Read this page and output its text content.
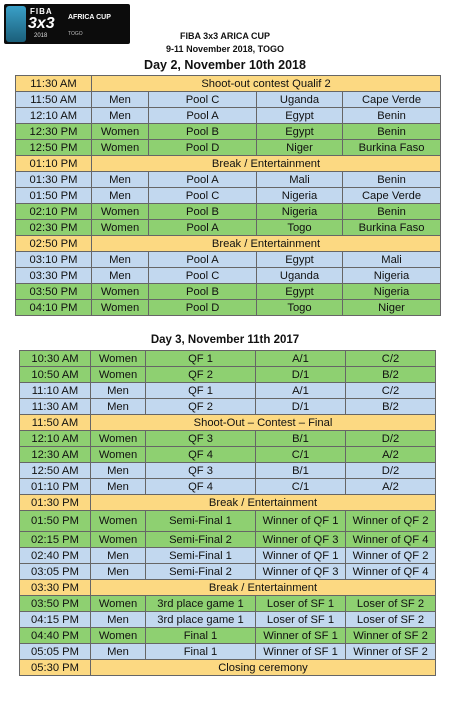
FIBA
3x3
2018
AFRICA CUP
TOGO	FIBA 3x3 ARICA CUP
9-11 November 2018, TOGO
Day 2, November 10th 2018
11:30 AM	Shoot-out contest Qualif 2			
11:50 AM	Men	Pool C	Uganda	Cape Verde
12:10 AM	Men	Pool A	Egypt	Benin
12:30 PM	Women	Pool B	Egypt	Benin
12:50 PM	Women	Pool D	Niger	Burkina Faso
01:10 PM	Break / Entertainment			
01:30 PM	Men	Pool A	Mali	Benin
01:50 PM	Men	Pool C	Nigeria	Cape Verde
02:10 PM	Women	Pool B	Nigeria	Benin
02:30 PM	Women	Pool A	Togo	Burkina Faso
02:50 PM	Break / Entertainment			
03:10 PM	Men	Pool A	Egypt	Mali
03:30 PM	Men	Pool C	Uganda	Nigeria
03:50 PM	Women	Pool B	Egypt	Nigeria
04:10 PM	Women	Pool D	Togo	Niger
Day 3, November 11th 2017
10:30 AM	Women	QF 1	A/1	C/2
10:50 AM	Women	QF 2	D/1	B/2
11:10 AM	Men	QF 1	A/1	C/2
11:30 AM	Men	QF 2	D/1	B/2
11:50 AM	Shoot-Out – Contest – Final			
12:10 AM	Women	QF 3	B/1	D/2
12:30 AM	Women	QF 4	C/1	A/2
12:50 AM	Men	QF 3	B/1	D/2
01:10 PM	Men	QF 4	C/1	A/2
01:30 PM	Break / Entertainment			
01:50 PM	Women	Semi-Final 1	Winner of QF 1	Winner of QF 2
02:15 PM	Women	Semi-Final 2	Winner of QF 3	Winner of QF 4
02:40 PM	Men	Semi-Final 1	Winner of QF 1	Winner of QF 2
03:05 PM	Men	Semi-Final 2	Winner of QF 3	Winner of QF 4
03:30 PM	Break / Entertainment			
03:50 PM	Women	3rd place game 1	Loser of SF 1	Loser of SF 2
04:15 PM	Men	3rd place game 1	Loser of SF 1	Loser of SF 2
04:40 PM	Women	Final 1	Winner of SF 1	Winner of SF 2
05:05 PM	Men	Final 1	Winner of SF 1	Winner of SF 2
05:30 PM	Closing ceremony			
